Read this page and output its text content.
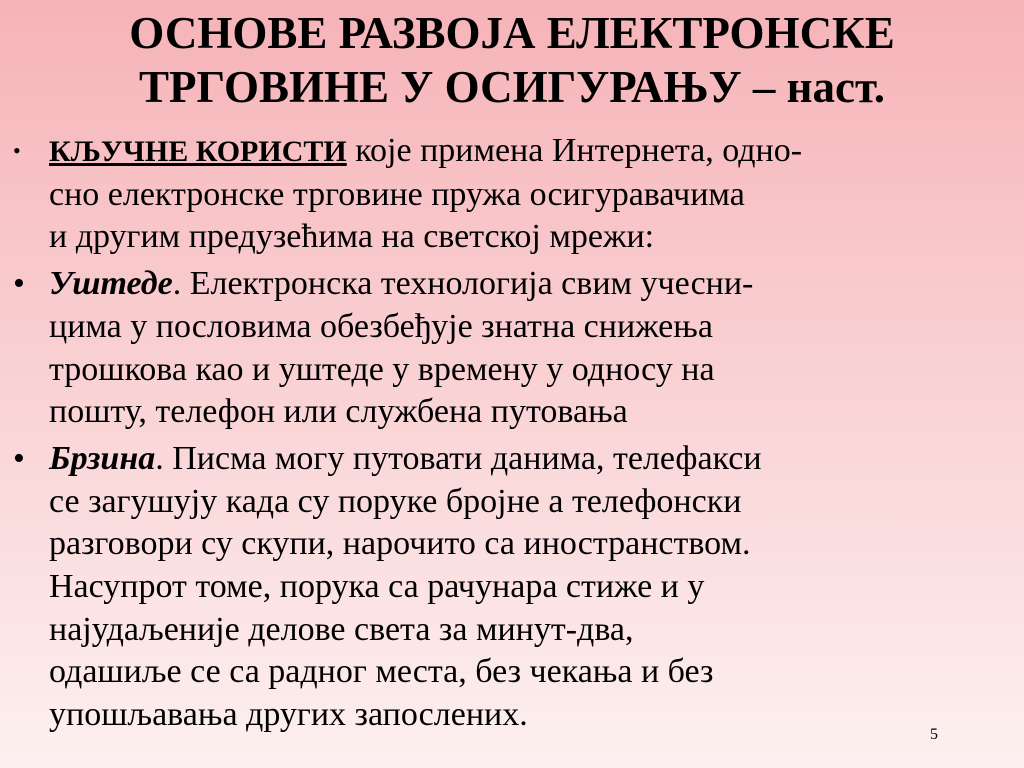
ОСНОВЕ РАЗВОЈА ЕЛЕКТРОНСКЕ
ТРГОВИНЕ У ОСИГУРАЊУ – наст.
• КЉУЧНЕ КОРИСТИ које примена Интернета, одно-
сно електронске трговине пружа осигуравачима
и другим предузећима на светској мрежи:
• Уштеде. Електронска технологија свим учесни-
цима у пословима обезбеђује знатна снижења
трошкова као и уштеде у времену у односу на
пошту, телефон или службена путовања
• Брзина. Писма могу путовати данима, телефакси
се загушују када су поруке бројне а телефонски
разговори су скупи, нарочито са иностранством.
Насупрот томе, порука са рачунара стиже и у
најудаљеније делове света за минут-два,
одашиље се са радног места, без чекања и без
упошљавања других запослених.
5
